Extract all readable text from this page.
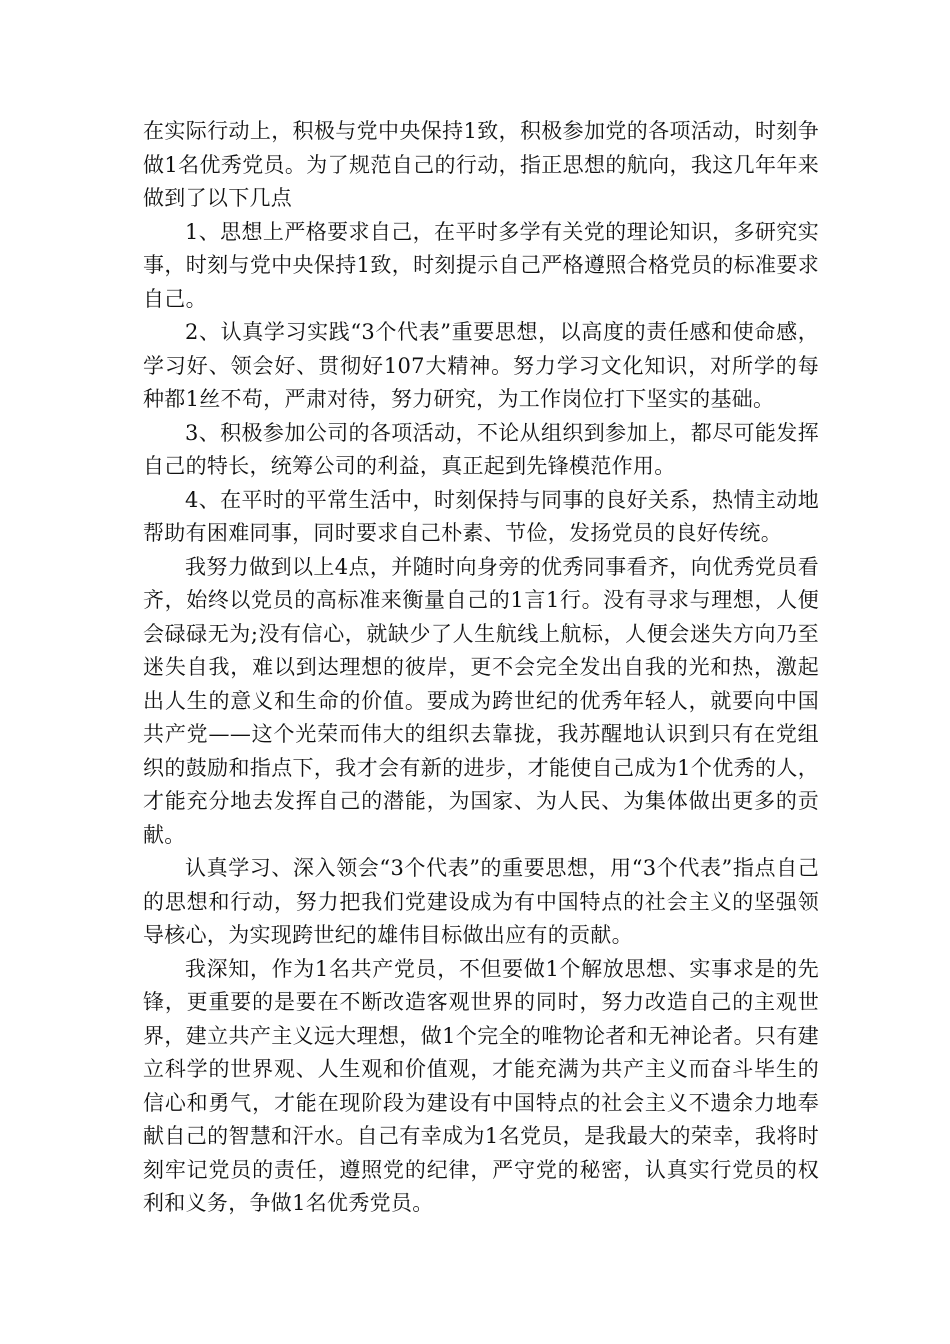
在实际行动上，积极与党中央保持1致，积极参加党的各项活动，时刻争做1名优秀党员。为了规范自己的行动，指正思想的航向，我这几年年来做到了以下几点

1、思想上严格要求自己，在平时多学有关党的理论知识，多研究实事，时刻与党中央保持1致，时刻提示自己严格遵照合格党员的标准要求自己。

2、认真学习实践“3个代表”重要思想，以高度的责任感和使命感，学习好、领会好、贯彻好107大精神。努力学习文化知识，对所学的每种都1丝不苟，严肃对待，努力研究，为工作岗位打下坚实的基础。

3、积极参加公司的各项活动，不论从组织到参加上，都尽可能发挥自己的特长，统筹公司的利益，真正起到先锋模范作用。

4、在平时的平常生活中，时刻保持与同事的良好关系，热情主动地帮助有困难同事，同时要求自己朴素、节俭，发扬党员的良好传统。

我努力做到以上4点，并随时向身旁的优秀同事看齐，向优秀党员看齐，始终以党员的高标准来衡量自己的1言1行。没有寻求与理想，人便会碌碌无为;没有信心，就缺少了人生航线上航标，人便会迷失方向乃至迷失自我，难以到达理想的彼岸，更不会完全发出自我的光和热，激起出人生的意义和生命的价值。要成为跨世纪的优秀年轻人，就要向中国共产党——这个光荣而伟大的组织去靠拢，我苏醒地认识到只有在党组织的鼓励和指点下，我才会有新的进步，才能使自己成为1个优秀的人，才能充分地去发挥自己的潜能，为国家、为人民、为集体做出更多的贡献。

认真学习、深入领会“3个代表”的重要思想，用“3个代表”指点自己的思想和行动，努力把我们党建设成为有中国特点的社会主义的坚强领导核心，为实现跨世纪的雄伟目标做出应有的贡献。

我深知，作为1名共产党员，不但要做1个解放思想、实事求是的先锋，更重要的是要在不断改造客观世界的同时，努力改造自己的主观世界，建立共产主义远大理想，做1个完全的唯物论者和无神论者。只有建立科学的世界观、人生观和价值观，才能充满为共产主义而奋斗毕生的信心和勇气，才能在现阶段为建设有中国特点的社会主义不遗余力地奉献自己的智慧和汗水。自己有幸成为1名党员，是我最大的荣幸，我将时刻牢记党员的责任，遵照党的纪律，严守党的秘密，认真实行党员的权利和义务，争做1名优秀党员。
